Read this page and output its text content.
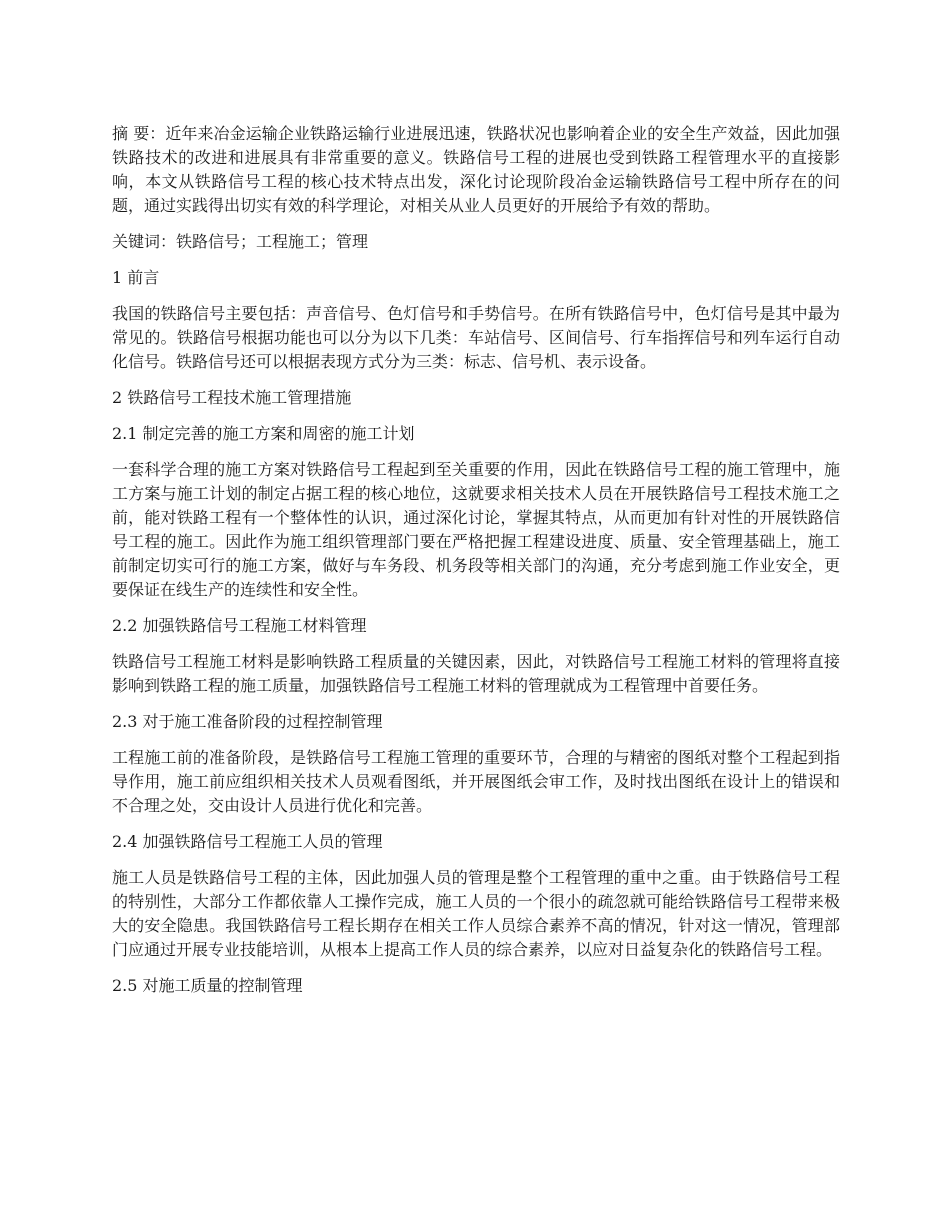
摘 要：近年来冶金运输企业铁路运输行业进展迅速，铁路状况也影响着企业的安全生产效益，因此加强铁路技术的改进和进展具有非常重要的意义。铁路信号工程的进展也受到铁路工程管理水平的直接影响，本文从铁路信号工程的核心技术特点出发，深化讨论现阶段冶金运输铁路信号工程中所存在的问题，通过实践得出切实有效的科学理论，对相关从业人员更好的开展给予有效的帮助。

关键词：铁路信号；工程施工；管理

1 前言

我国的铁路信号主要包括：声音信号、色灯信号和手势信号。在所有铁路信号中，色灯信号是其中最为常见的。铁路信号根据功能也可以分为以下几类：车站信号、区间信号、行车指挥信号和列车运行自动化信号。铁路信号还可以根据表现方式分为三类：标志、信号机、表示设备。

2 铁路信号工程技术施工管理措施

2.1 制定完善的施工方案和周密的施工计划

一套科学合理的施工方案对铁路信号工程起到至关重要的作用，因此在铁路信号工程的施工管理中，施工方案与施工计划的制定占据工程的核心地位，这就要求相关技术人员在开展铁路信号工程技术施工之前，能对铁路工程有一个整体性的认识，通过深化讨论，掌握其特点，从而更加有针对性的开展铁路信号工程的施工。因此作为施工组织管理部门要在严格把握工程建设进度、质量、安全管理基础上，施工前制定切实可行的施工方案，做好与车务段、机务段等相关部门的沟通，充分考虑到施工作业安全，更要保证在线生产的连续性和安全性。

2.2 加强铁路信号工程施工材料管理

铁路信号工程施工材料是影响铁路工程质量的关键因素，因此，对铁路信号工程施工材料的管理将直接影响到铁路工程的施工质量，加强铁路信号工程施工材料的管理就成为工程管理中首要任务。

2.3 对于施工准备阶段的过程控制管理

工程施工前的准备阶段，是铁路信号工程施工管理的重要环节，合理的与精密的图纸对整个工程起到指导作用，施工前应组织相关技术人员观看图纸，并开展图纸会审工作，及时找出图纸在设计上的错误和不合理之处，交由设计人员进行优化和完善。

2.4 加强铁路信号工程施工人员的管理

施工人员是铁路信号工程的主体，因此加强人员的管理是整个工程管理的重中之重。由于铁路信号工程的特别性，大部分工作都依靠人工操作完成，施工人员的一个很小的疏忽就可能给铁路信号工程带来极大的安全隐患。我国铁路信号工程长期存在相关工作人员综合素养不高的情况，针对这一情况，管理部门应通过开展专业技能培训，从根本上提高工作人员的综合素养，以应对日益复杂化的铁路信号工程。

2.5 对施工质量的控制管理
